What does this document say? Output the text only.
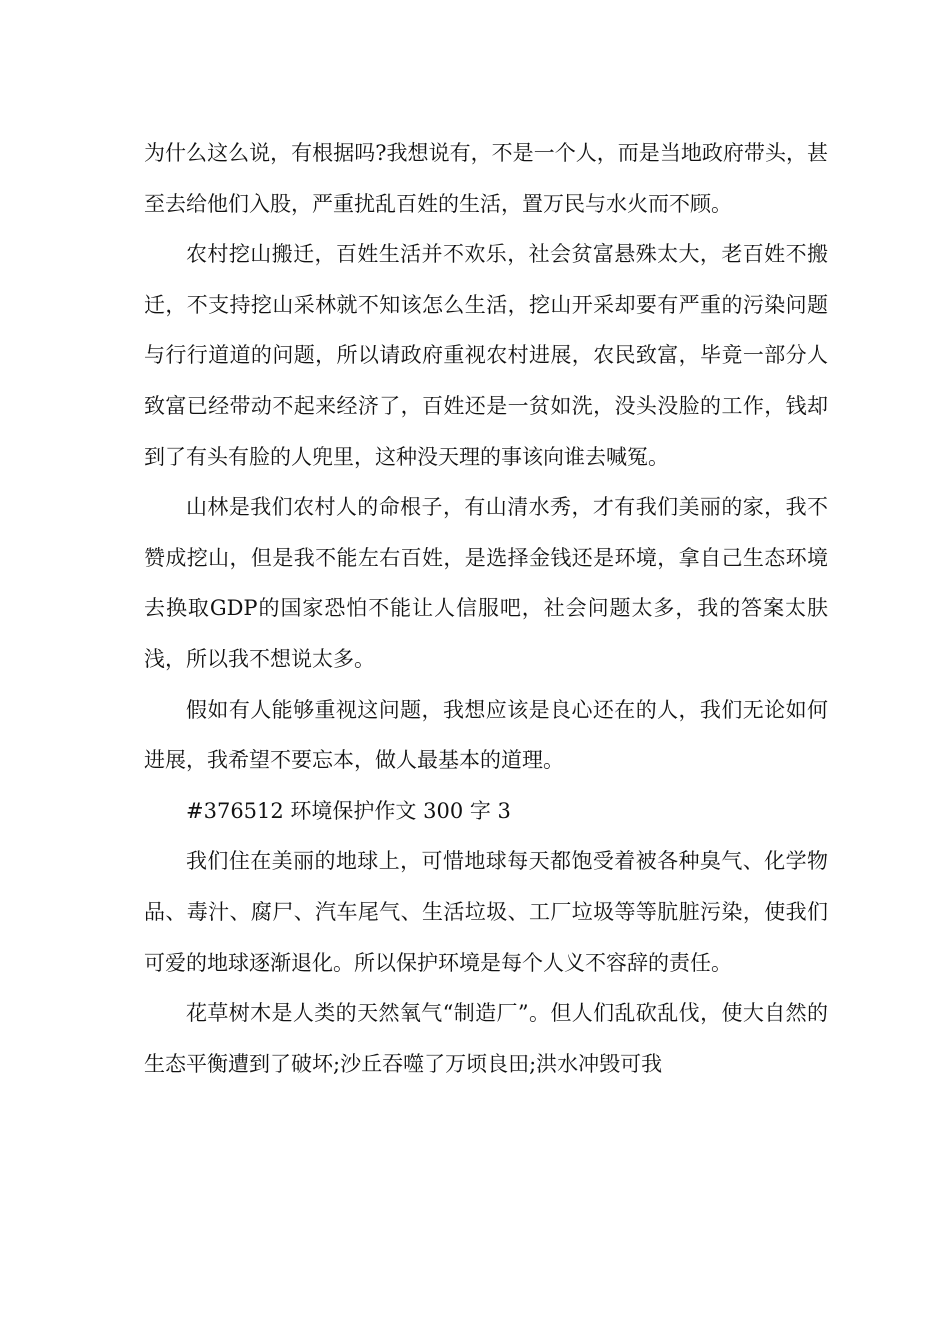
为什么这么说，有根据吗?我想说有，不是一个人，而是当地政府带头，甚至去给他们入股，严重扰乱百姓的生活，置万民与水火而不顾。

农村挖山搬迁，百姓生活并不欢乐，社会贫富悬殊太大，老百姓不搬迁，不支持挖山采林就不知该怎么生活，挖山开采却要有严重的污染问题与行行道道的问题，所以请政府重视农村进展，农民致富，毕竟一部分人致富已经带动不起来经济了，百姓还是一贫如洗，没头没脸的工作，钱却到了有头有脸的人兜里，这种没天理的事该向谁去喊冤。

山林是我们农村人的命根子，有山清水秀，才有我们美丽的家，我不赞成挖山，但是我不能左右百姓，是选择金钱还是环境，拿自己生态环境去换取GDP的国家恐怕不能让人信服吧，社会问题太多，我的答案太肤浅，所以我不想说太多。

假如有人能够重视这问题，我想应该是良心还在的人，我们无论如何进展，我希望不要忘本，做人最基本的道理。

#376512 环境保护作文 300 字 3

我们住在美丽的地球上，可惜地球每天都饱受着被各种臭气、化学物品、毒汁、腐尸、汽车尾气、生活垃圾、工厂垃圾等等肮脏污染，使我们可爱的地球逐渐退化。所以保护环境是每个人义不容辞的责任。

花草树木是人类的天然氧气“制造厂”。但人们乱砍乱伐，使大自然的生态平衡遭到了破坏;沙丘吞噬了万顷良田;洪水冲毁可我
